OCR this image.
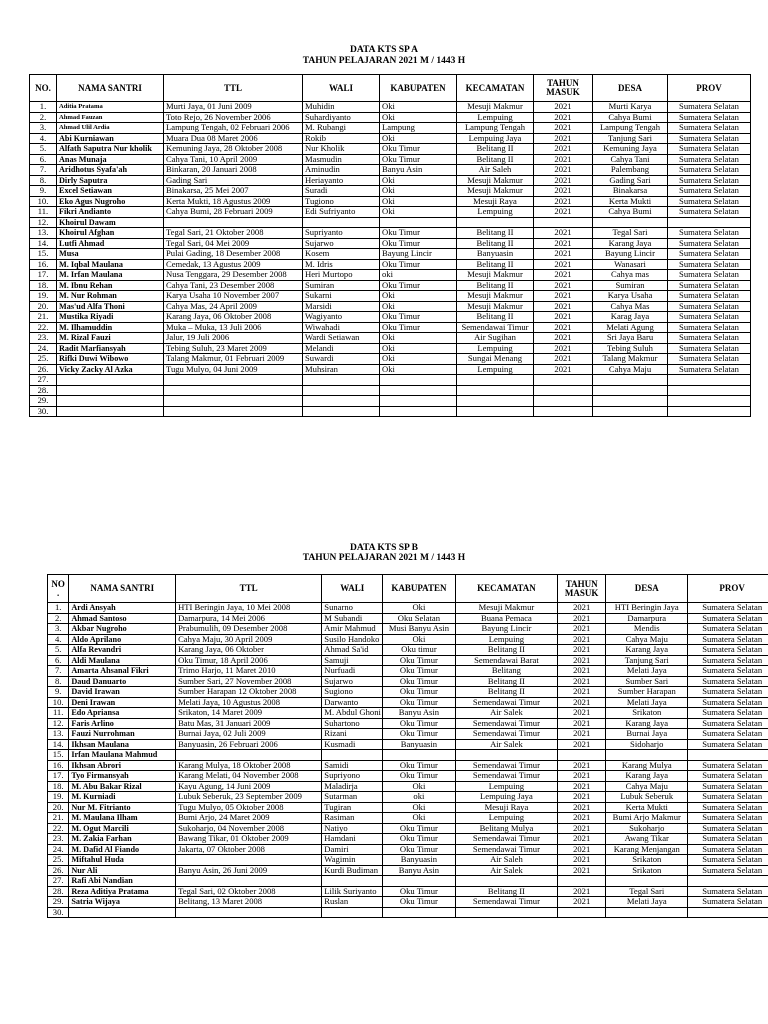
DATA KTS SP A
TAHUN PELAJARAN 2021 M / 1443 H
NO.	NAMA SANTRI	TTL	WALI	KABUPATEN	KECAMATAN	TAHUN MASUK	DESA	PROV
1.	Aditia Pratama	Murti Jaya, 01 Juni 2009	Muhidin	Oki	Mesuji Makmur	2021	Murti Karya	Sumatera Selatan
2.	Ahmad Fauzan	Toto Rejo, 26 November 2006	Suhardiyanto	Oki	Lempuing	2021	Cahya Bumi	Sumatera Selatan
3.	Ahmad Ulil Ardia	Lampung Tengah, 02 Februari 2006	M. Rubangi	Lampung	Lampung Tengah	2021	Lampung Tengah	Sumatera Selatan
4.	Abi Kurniawan	Muara Dua 08 Maret 2006	Rokib	Oki	Lempuing Jaya	2021	Tanjung Sari	Sumatera Selatan
5.	Alfath Saputra Nur kholik	Kemuning Jaya, 28 Oktober 2008	Nur Kholik	Oku Timur	Belitang II	2021	Kemuning Jaya	Sumatera Selatan
6.	Anas Munaja	Cahya Tani, 10 April 2009	Masmudin	Oku Timur	Belitang II	2021	Cahya Tani	Sumatera Selatan
7.	Aridhotus Syafa'ah	Binkaran, 20 Januari 2008	Aminudin	Banyu Asin	Air Saleh	2021	Palembang	Sumatera Selatan
8.	Dirly Saputra	Gading Sari	Heriayanto	Oki	Mesuji Makmur	2021	Gading Sari	Sumatera Selatan
9.	Excel Setiawan	Binakarsa, 25 Mei 2007	Suradi	Oki	Mesuji Makmur	2021	Binakarsa	Sumatera Selatan
10.	Eko Agus Nugroho	Kerta Mukti, 18 Agustus 2009	Tugiono	Oki	Mesuji Raya	2021	Kerta Mukti	Sumatera Selatan
11.	Fikri Andianto	Cahya Bumi, 28 Februari 2009	Edi Sufriyanto	Oki	Lempuing	2021	Cahya Bumi	Sumatera Selatan
12.	Khoirul Dawam							
13.	Khoirul Afghan	Tegal Sari, 21 Oktober 2008	Supriyanto	Oku Timur	Belitang II	2021	Tegal Sari	Sumatera Selatan
14.	Lutfi Ahmad	Tegal Sari, 04 Mei 2009	Sujarwo	Oku Timur	Belitang II	2021	Karang Jaya	Sumatera Selatan
15.	Musa	Pulai Gading, 18 Desember 2008	Kosem	Bayung Lincir	Banyuasin	2021	Bayung Lincir	Sumatera Selatan
16.	M. Iqbal Maulana	Cemedak, 13 Agustus 2009	M. Idris	Oku Timur	Belitang II	2021	Wanasari	Sumatera Selatan
17.	M. Irfan Maulana	Nusa Tenggara, 29 Desember 2008	Heri Murtopo	oki	Mesuji Makmur	2021	Cahya mas	Sumatera Selatan
18.	M. Ibnu Rehan	Cahya Tani, 23 Desember 2008	Sumiran	Oku Timur	Belitang II	2021	Sumiran	Sumatera Selatan
19.	M. Nur Rohman	Karya Usaha 10 November 2007	Sukarni	Oki	Mesuji Makmur	2021	Karya Usaha	Sumatera Selatan
20.	Mas'ud Alfa Thoni	Cahya Mas, 24 April 2009	Marsidi	Oki	Mesuji Makmur	2021	Cahya Mas	Sumatera Selatan
21.	Mustika Riyadi	Karang Jaya, 06 Oktober 2008	Wagiyanto	Oku Timur	Belitang II	2021	Karag Jaya	Sumatera Selatan
22.	M. Ilhamuddin	Muka – Muka, 13 Juli 2006	Wiwahadi	Oku Timur	Semendawai Timur	2021	Melati Agung	Sumatera Selatan
23.	M. Rizal Fauzi	Jalur, 19 Juli 2006	Wardi Setiawan	Oki	Air Sugihan	2021	Sri Jaya Baru	Sumatera Selatan
24.	Radit Marfiansyah	Tebing Suluh, 23 Maret 2009	Melandi	Oki	Lempuing	2021	Tebing Suluh	Sumatera Selatan
25.	Rifki Duwi Wibowo	Talang Makmur, 01 Februari 2009	Suwardi	Oki	Sungai Menang	2021	Talang Makmur	Sumatera Selatan
26.	Vicky Zacky Al Azka	Tugu Mulyo, 04 Juni 2009	Muhsiran	Oki	Lempuing	2021	Cahya Maju	Sumatera Selatan
27.								
28.								
29.								
30.								
DATA KTS SP B
TAHUN PELAJARAN 2021 M / 1443 H
NO .	NAMA SANTRI	TTL	WALI	KABUPATEN	KECAMATAN	TAHUN MASUK	DESA	PROV
1.	Ardi Ansyah	HTI Beringin Jaya, 10 Mei 2008	Sunarno	Oki	Mesuji Makmur	2021	HTI Beringin Jaya	Sumatera Selatan
2.	Ahmad Santoso	Damarpura, 14 Mei 2006	M Subandi	Oku Selatan	Buana Pemaca	2021	Damarpura	Sumatera Selatan
3.	Akbar Nugroho	Prabumulih, 09 Desember 2008	Amir Mahmud	Musi Banyu Asin	Bayung Lincir	2021	Mendis	Sumatera Selatan
4.	Aldo Aprilano	Cahya Maju, 30 April 2009	Susilo Handoko	Oki	Lempuing	2021	Cahya Maju	Sumatera Selatan
5.	Alfa Revandri	Karang Jaya, 06 Oktober	Ahmad Sa'id	Oku timur	Belitang II	2021	Karang Jaya	Sumatera Selatan
6.	Aldi Maulana	Oku Timur, 18 April 2006	Samuji	Oku Timur	Semendawai Barat	2021	Tanjung Sari	Sumatera Selatan
7.	Amarta Ahsanal Fikri	Trimo Harjo, 11 Maret 2010	Nurfuadi	Oku Timur	Belitang	2021	Melati Jaya	Sumatera Selatan
8.	Daud Danuarto	Sumber Sari, 27 November 2008	Sujarwo	Oku Timur	Belitang II	2021	Sumber Sari	Sumatera Selatan
9.	David Irawan	Sumber Harapan 12 Oktober 2008	Sugiono	Oku Timur	Belitang II	2021	Sumber Harapan	Sumatera Selatan
10.	Deni Irawan	Melati Jaya, 10 Agustus 2008	Darwanto	Oku Timur	Semendawai Timur	2021	Melati Jaya	Sumatera Selatan
11.	Edo Apriansa	Srikaton, 14 Maret 2009	M. Abdul Ghoni	Banyu Asin	Air Salek	2021	Srikaton	Sumatera Selatan
12.	Faris Arlino	Batu Mas, 31 Januari 2009	Suhartono	Oku Timur	Semendawai Timur	2021	Karang Jaya	Sumatera Selatan
13.	Fauzi Nurrohman	Burnai Jaya, 02 Juli 2009	Rizani	Oku Timur	Semendawai Timur	2021	Burnai Jaya	Sumatera Selatan
14.	Ikhsan Maulana	Banyuasin, 26 Februari 2006	Kusmadi	Banyuasin	Air Salek	2021	Sidoharjo	Sumatera Selatan
15.	Irfan Maulana Mahmud							
16.	Ikhsan Abrori	Karang Mulya, 18 Oktober 2008	Samidi	Oku Timur	Semendawai Timur	2021	Karang Mulya	Sumatera Selatan
17.	Tyo Firmansyah	Karang Melati, 04 November 2008	Supriyono	Oku Timur	Semendawai Timur	2021	Karang Jaya	Sumatera Selatan
18.	M. Abu Bakar Rizal	Kayu Agung, 14 Juni 2009	Maladirja	Oki	Lempuing	2021	Cahya Maju	Sumatera Selatan
19.	M. Kurniadi	Lubuk Seberuk, 23 September 2009	Sutarman	oki	Lempuing Jaya	2021	Lubuk Seberuk	Sumatera Selatan
20.	Nur M. Fitrianto	Tugu Mulyo, 05 Oktober 2008	Tugiran	Oki	Mesuji Raya	2021	Kerta Mukti	Sumatera Selatan
21.	M. Maulana Ilham	Bumi Arjo, 24 Maret 2009	Rasiman	Oki	Lempuing	2021	Bumi Arjo Makmur	Sumatera Selatan
22.	M. Ogut Marcili	Sukoharjo, 04 November 2008	Natiyo	Oku Timur	Belitang Mulya	2021	Sukoharjo	Sumatera Selatan
23.	M. Zakia Farhan	Bawang Tikar, 01 Oktober 2009	Hamdani	Oku Timur	Semendawai Timur	2021	Awang Tikar	Sumatera Selatan
24.	M. Dafid Al Fiando	Jakarta, 07 Oktober 2008	Damiri	Oku Timur	Semendawai Timur	2021	Karang Menjangan	Sumatera Selatan
25.	Miftahul Huda		Wagimin	Banyuasin	Air Saleh	2021	Srikaton	Sumatera Selatan
26.	Nur Ali	Banyu Asin, 26 Juni 2009	Kurdi Budiman	Banyu Asin	Air Salek	2021	Srikaton	Sumatera Selatan
27.	Rafi Abi Nandian							
28.	Reza Aditiya Pratama	Tegal Sari, 02 Oktober 2008	Lilik Suriyanto	Oku Timur	Belitang II	2021	Tegal Sari	Sumatera Selatan
29.	Satria Wijaya	Belitang, 13 Maret 2008	Ruslan	Oku Timur	Semendawai Timur	2021	Melati Jaya	Sumatera Selatan
30.								
